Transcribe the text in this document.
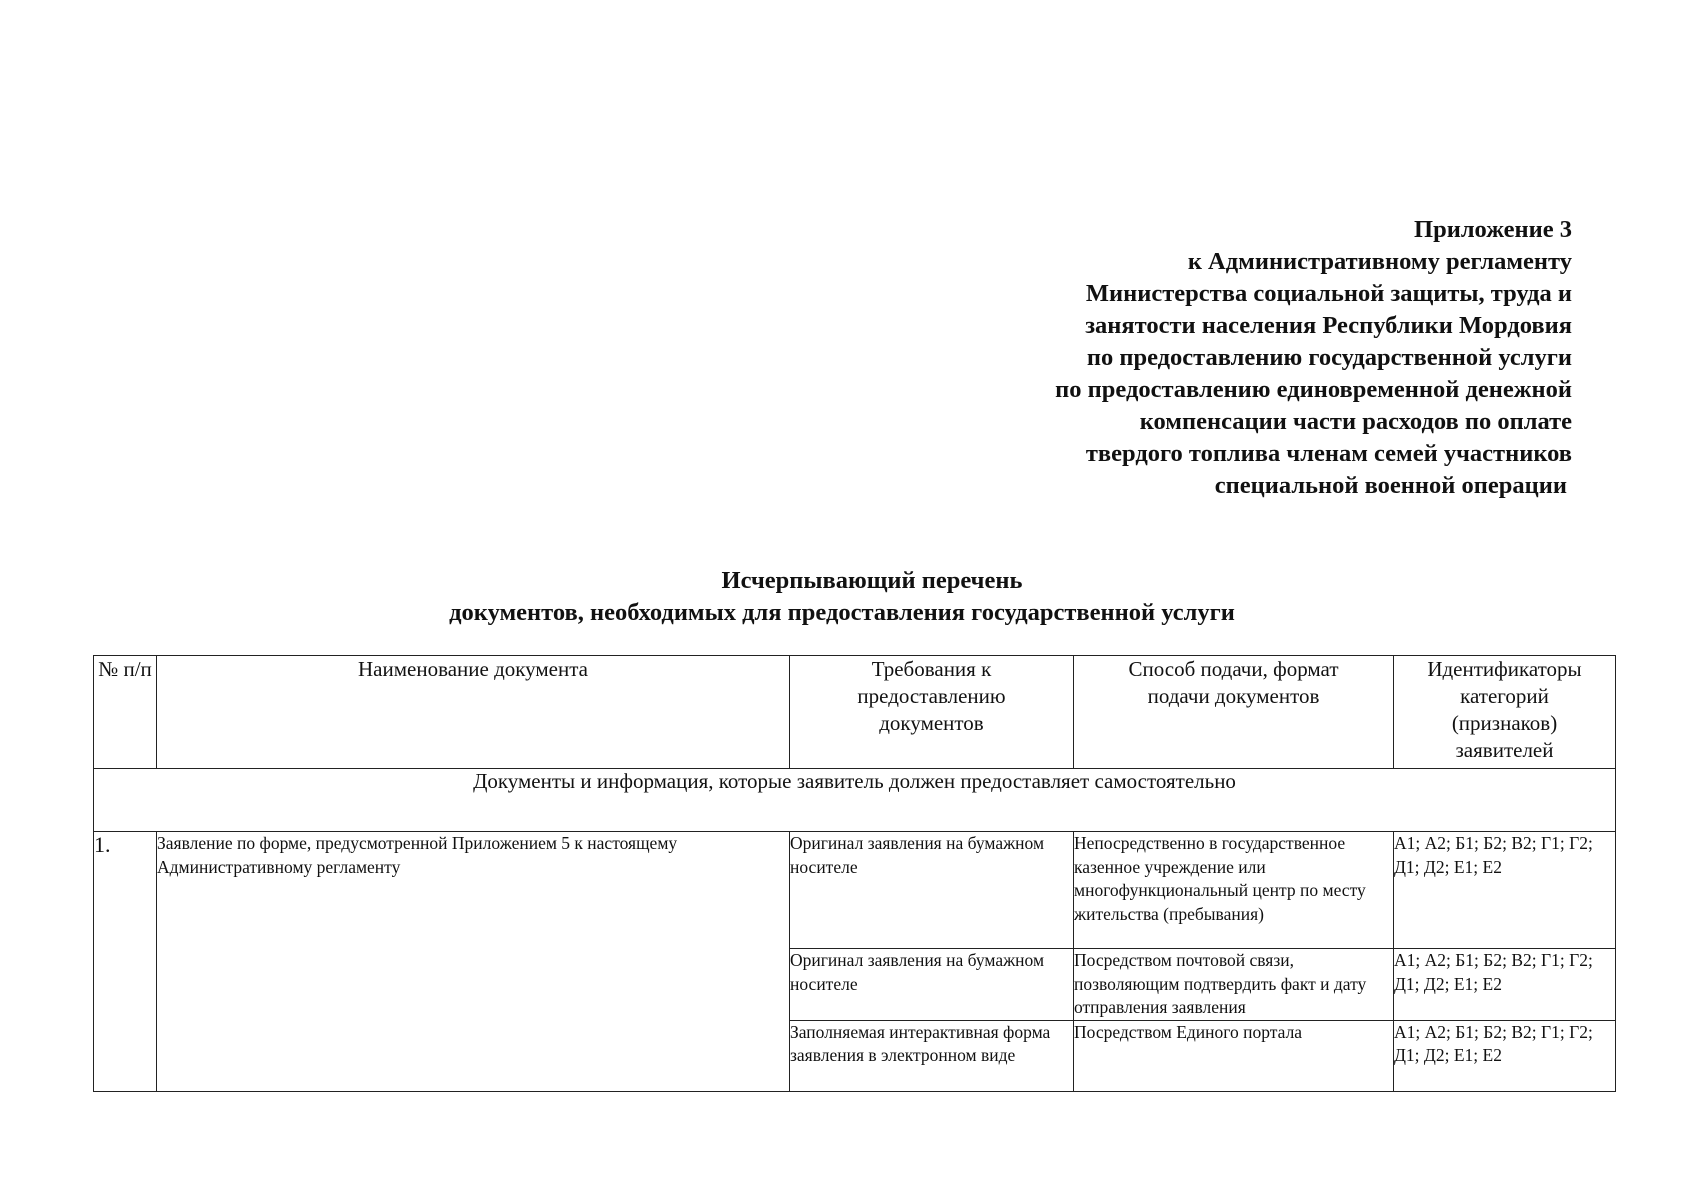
Приложение 3
к Административному регламенту
Министерства социальной защиты, труда и
занятости населения Республики Мордовия
по предоставлению государственной услуги
по предоставлению единовременной денежной
компенсации части расходов по оплате
твердого топлива членам семей участников
специальной военной операции
Исчерпывающий перечень
документов, необходимых для предоставления государственной услуги
№ п/п	Наименование документа	Требования к предоставлению документов	Способ подачи, формат подачи документов	Идентификаторы категорий (признаков) заявителей
Документы и информация, которые заявитель должен предоставляет самостоятельно				
1.	Заявление по форме, предусмотренной Приложением 5 к настоящему Административному регламенту	Оригинал заявления на бумажном носителе	Непосредственно в государственное казенное учреждение или многофункциональный центр по месту жительства (пребывания)	А1; А2; Б1; Б2; В2; Г1; Г2; Д1; Д2; Е1; Е2
		Оригинал заявления на бумажном носителе	Посредством почтовой связи, позволяющим подтвердить факт и дату отправления заявления	А1; А2; Б1; Б2; В2; Г1; Г2; Д1; Д2; Е1; Е2
		Заполняемая интерактивная форма заявления в электронном виде	Посредством Единого портала	А1; А2; Б1; Б2; В2; Г1; Г2; Д1; Д2; Е1; Е2
